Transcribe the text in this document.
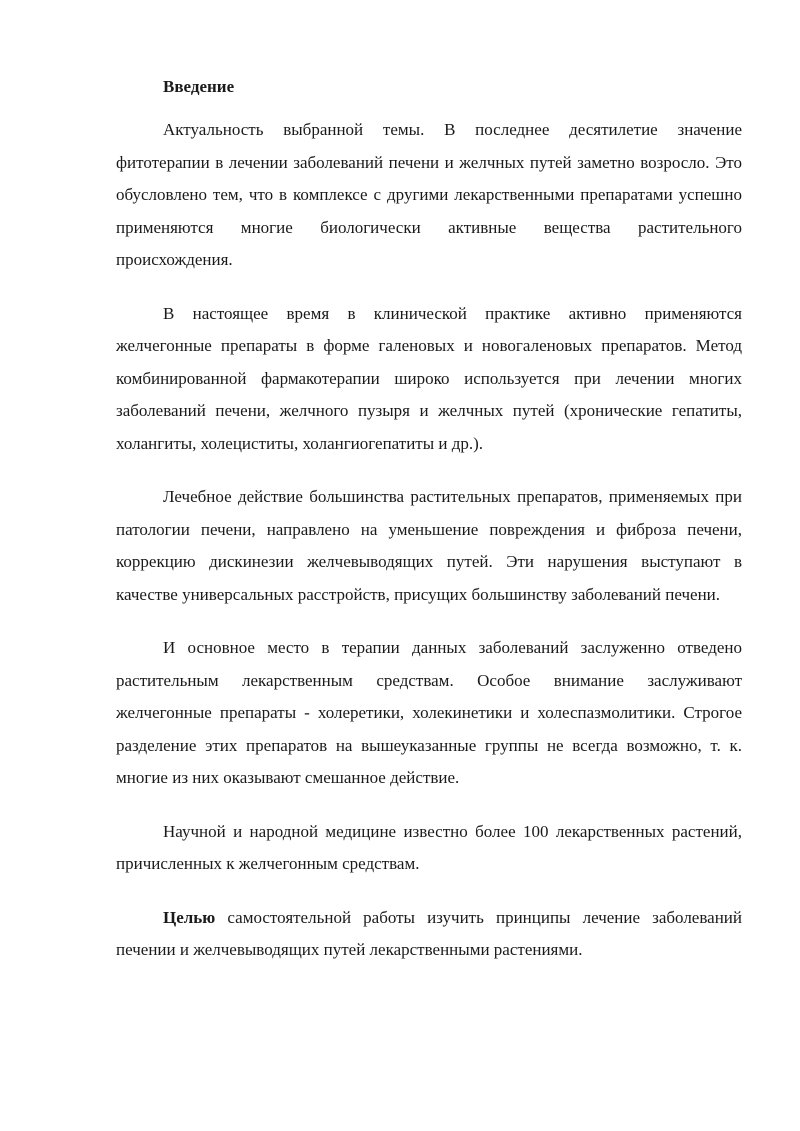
Введение

Актуальность выбранной темы. В последнее десятилетие значение фитотерапии в лечении заболеваний печени и желчных путей заметно возросло. Это обусловлено тем, что в комплексе с другими лекарственными препаратами успешно применяются многие биологически активные вещества растительного происхождения.

В настоящее время в клинической практике активно применяются желчегонные препараты в форме галеновых и новогаленовых препаратов. Метод комбинированной фармакотерапии широко используется при лечении многих заболеваний печени, желчного пузыря и желчных путей (хронические гепатиты, холангиты, холециститы, холангиогепатиты и др.).

Лечебное действие большинства растительных препаратов, применяемых при патологии печени, направлено на уменьшение повреждения и фиброза печени, коррекцию дискинезии желчевыводящих путей. Эти нарушения выступают в качестве универсальных расстройств, присущих большинству заболеваний печени.

И основное место в терапии данных заболеваний заслуженно отведено растительным лекарственным средствам. Особое внимание заслуживают желчегонные препараты - холеретики, холекинетики и холеспазмолитики. Строгое разделение этих препаратов на вышеуказанные группы не всегда возможно, т. к. многие из них оказывают смешанное действие.

Научной и народной медицине известно более 100 лекарственных растений, причисленных к желчегонным средствам.

Целью самостоятельной работы изучить принципы лечение заболеваний печении и желчевыводящих путей лекарственными растениями.
